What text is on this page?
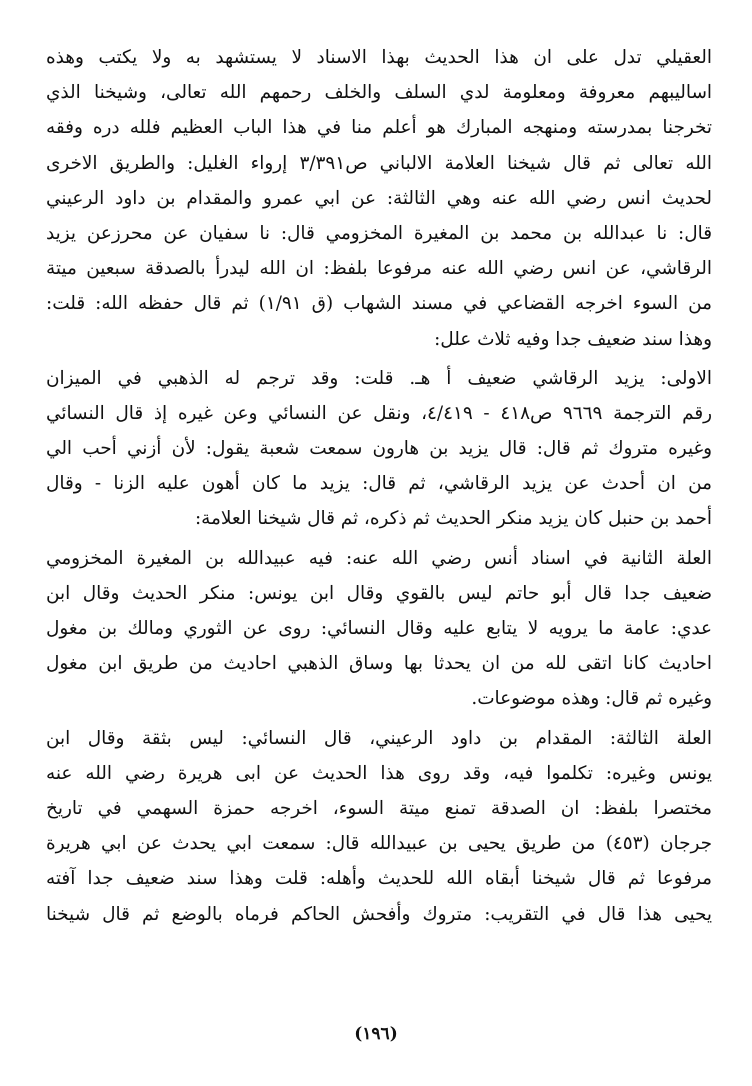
العقيلي تدل على ان هذا الحديث بهذا الاسناد لا يستشهد به ولا يكتب وهذه
اساليبهم معروفة ومعلومة لدي السلف والخلف رحمهم الله تعالى، وشيخنا الذي
تخرجنا بمدرسته ومنهجه المبارك هو أعلم منا في هذا الباب العظيم فلله دره وفقه
الله تعالى ثم قال شيخنا العلامة الالباني ص٣/٣٩١ إرواء الغليل: والطريق الاخرى
لحديث انس رضي الله عنه وهي الثالثة: عن ابي عمرو والمقدام بن داود الرعيني
قال: نا عبدالله بن محمد بن المغيرة المخزومي قال: نا سفيان عن محرزعن يزيد
الرقاشي، عن انس رضي الله عنه مرفوعا بلفظ: ان الله ليدرأ بالصدقة سبعين ميتة
من السوء اخرجه القضاعي في مسند الشهاب (ق ١/٩١) ثم قال حفظه الله: قلت:
وهذا سند ضعيف جدا وفيه ثلاث علل:
الاولى: يزيد الرقاشي ضعيف أ هـ. قلت: وقد ترجم له الذهبي في الميزان
رقم الترجمة ٩٦٦٩ ص٤١٨ - ٤/٤١٩، ونقل عن النسائي وعن غيره إذ قال النسائي
وغيره متروك ثم قال: قال يزيد بن هارون سمعت شعبة يقول: لأن أزني أحب الي
من ان أحدث عن يزيد الرقاشي، ثم قال: يزيد ما كان أهون عليه الزنا - وقال
أحمد بن حنبل كان يزيد منكر الحديث ثم ذكره، ثم قال شيخنا العلامة:
العلة الثانية في اسناد أنس رضي الله عنه: فيه عبيدالله بن المغيرة المخزومي
ضعيف جدا قال أبو حاتم ليس بالقوي وقال ابن يونس: منكر الحديث وقال ابن
عدي: عامة ما يرويه لا يتابع عليه وقال النسائي: روى عن الثوري ومالك بن مغول
احاديث كانا اتقى لله من ان يحدثا بها وساق الذهبي احاديث من طريق ابن مغول
وغيره ثم قال: وهذه موضوعات.
العلة الثالثة: المقدام بن داود الرعيني، قال النسائي: ليس بثقة وقال ابن
يونس وغيره: تكلموا فيه، وقد روى هذا الحديث عن ابى هريرة رضي الله عنه
مختصرا بلفظ: ان الصدقة تمنع ميتة السوء، اخرجه حمزة السهمي في تاريخ
جرجان (٤٥٣) من طريق يحيى بن عبيدالله قال: سمعت ابي يحدث عن ابي هريرة
مرفوعا ثم قال شيخنا أبقاه الله للحديث وأهله: قلت وهذا سند ضعيف جدا آفته
يحيى هذا قال في التقريب: متروك وأفحش الحاكم فرماه بالوضع ثم قال شيخنا
(١٩٦)
